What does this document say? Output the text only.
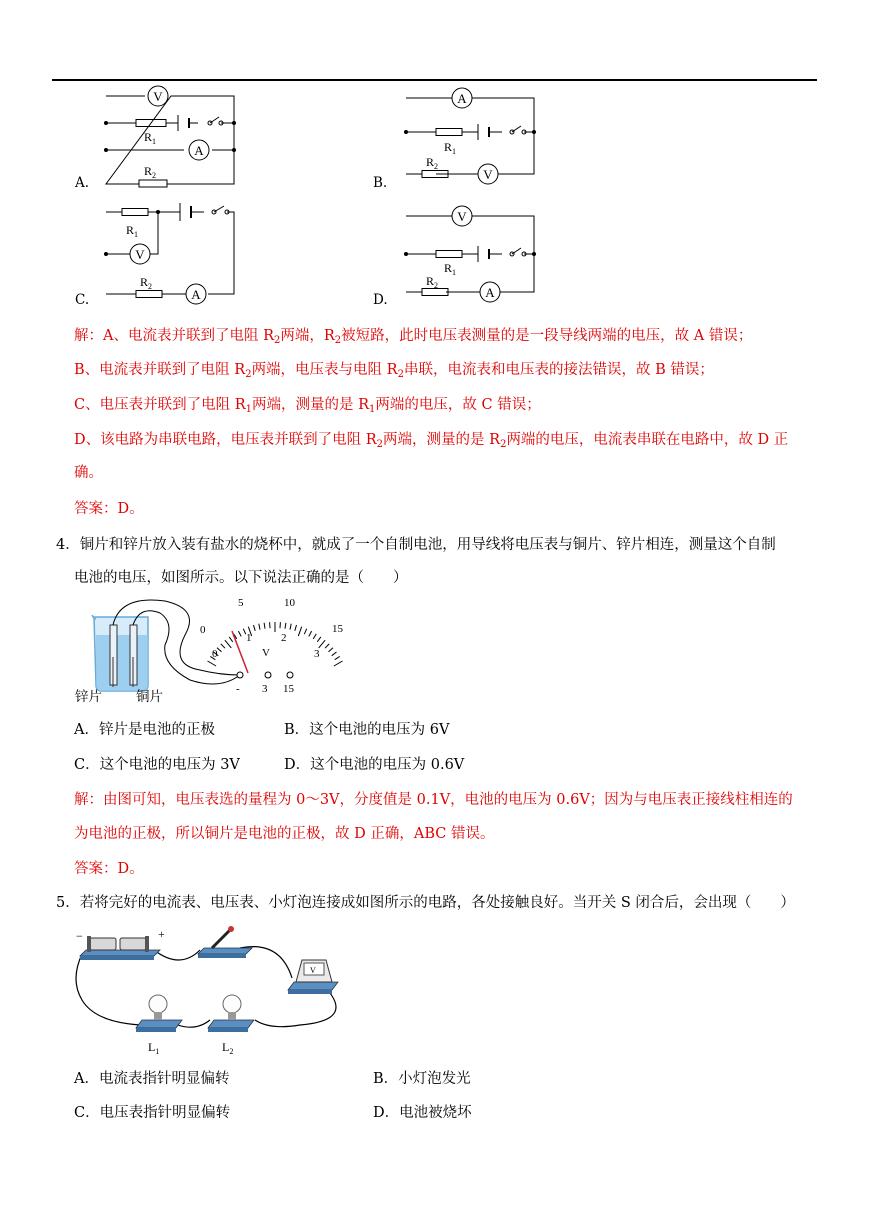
A.	B.
C.	D.
V
A
$R_1$
$R_2$
A
V
$R_1$
$R_2$
V
A
$R_1$
$R_2$
V
A
$R_1$
$R_2$
解：A、电流表并联到了电阻 $R_2$两端，$R_2$被短路，此时电压表测量的是一段导线两端的电压，故 A 错误；
B、电流表并联到了电阻 $R_2$两端，电压表与电阻 $R_2$串联，电流表和电压表的接法错误，故 B 错误；
C、电压表并联到了电阻 $R_1$两端，测量的是 $R_1$两端的电压，故 C 错误；
D、该电路为串联电路，电压表并联到了电阻 $R_2$两端，测量的是 $R_2$两端的电压，电流表串联在电路中，故 D 正
确。
答案：D。
4．铜片和锌片放入装有盐水的烧杯中，就成了一个自制电池，用导线将电压表与铜片、锌片相连，测量这个自制
电池的电压，如图所示。以下说法正确的是（　　）
0
5	10
15
0
1	2
3
V
- 3 15
锌片	铜片
A．锌片是电池的正极	B．这个电池的电压为 6V
C．这个电池的电压为 3V	D．这个电池的电压为 0.6V
解：由图可知，电压表选的量程为 0～3V，分度值是 0.1V，电池的电压为 0.6V；因为与电压表正接线柱相连的
为电池的正极，所以铜片是电池的正极，故 D 正确，ABC 错误。
答案：D。
5．若将完好的电流表、电压表、小灯泡连接成如图所示的电路，各处接触良好。当开关 S 闭合后，会出现（　　）
−	+
V
$L_1$	$L_2$
A．电流表指针明显偏转	B．小灯泡发光
C．电压表指针明显偏转	D．电池被烧坏
